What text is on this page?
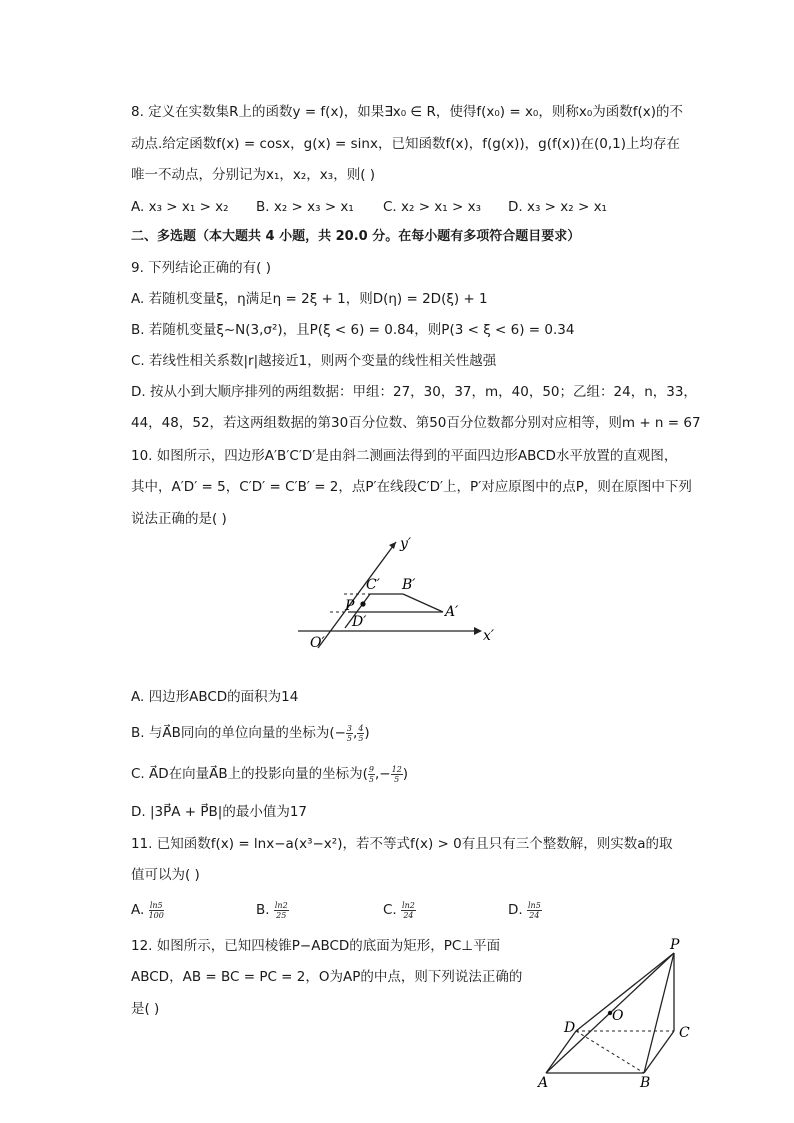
8. 定义在实数集R上的函数y = f(x)，如果∃x₀ ∈ R，使得f(x₀) = x₀，则称x₀为函数f(x)的不
动点.给定函数f(x) = cosx，g(x) = sinx，已知函数f(x)，f(g(x))，g(f(x))在(0,1)上均存在
唯一不动点，分别记为x₁，x₂，x₃，则( )
A. x₃ > x₁ > x₂ B. x₂ > x₃ > x₁ C. x₂ > x₁ > x₃ D. x₃ > x₂ > x₁
二、多选题（本大题共 4 小题，共 20.0 分。在每小题有多项符合题目要求）
9. 下列结论正确的有( )
A. 若随机变量ξ，η满足η = 2ξ + 1，则D(η) = 2D(ξ) + 1
B. 若随机变量ξ~N(3,σ²)，且P(ξ < 6) = 0.84，则P(3 < ξ < 6) = 0.34
C. 若线性相关系数|r|越接近1，则两个变量的线性相关性越强
D. 按从小到大顺序排列的两组数据：甲组：27，30，37，m，40，50；乙组：24，n，33，
44，48，52，若这两组数据的第30百分位数、第50百分位数都分别对应相等，则m + n = 67
10. 如图所示，四边形A′B′C′D′是由斜二测画法得到的平面四边形ABCD水平放置的直观图，
其中，A′D′ = 5，C′D′ = C′B′ = 2，点P′在线段C′D′上，P′对应原图中的点P，则在原图中下列
说法正确的是( )
y′
x′
O′
C′ B′
A′
D′
P
A. 四边形ABCD的面积为14
B. 与A⃗B同向的单位向量的坐标为(− $\frac{3}{5}$ , $\frac{4}{5}$ )
C. A⃗D在向量A⃗B上的投影向量的坐标为( $\frac{9}{5}$ ,− $\frac{12}{5}$ )
D. |3P⃗A + P⃗B|的最小值为17
11. 已知函数f(x) = lnx−a(x³−x²)，若不等式f(x) > 0有且只有三个整数解，则实数a的取
值可以为( )
A. $\frac{\ln 5}{100}$	B. $\frac{\ln 2}{25}$	C. $\frac{\ln 2}{24}$	D. $\frac{\ln 5}{24}$
12. 如图所示，已知四棱锥P−ABCD的底面为矩形，PC⊥平面
ABCD，AB = BC = PC = 2，O为AP的中点，则下列说法正确的
是( )
P
O
D	C
A	B
